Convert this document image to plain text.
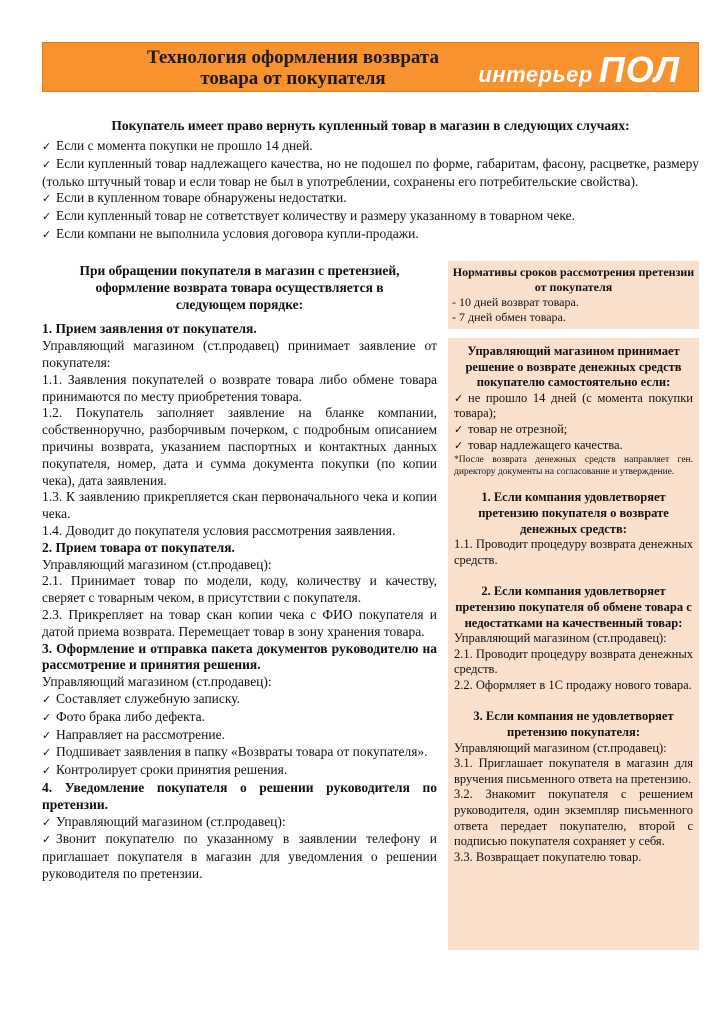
Технология оформления возврата
товара от покупателя	интерьер ПОЛ
Покупатель имеет право вернуть купленный товар в магазин в следующих случаях:
✓ Если с момента покупки не прошло 14 дней.
✓ Если купленный товар надлежащего качества, но не подошел по форме, габаритам, фасону, расцветке, размеру (только штучный товар и если товар не был в употреблении, сохранены его потребительские свойства).
✓ Если в купленном товаре обнаружены недостатки.
✓ Если купленный товар не сответствует количеству и размеру указанному в товарном чеке.
✓ Если компани не выполнила условия договора купли-продажи.
При обращении покупателя в магазин с претензией, оформление возврата товара осуществляется в следующем порядке:

1. Прием заявления от покупателя.

Управляющий магазином (ст.продавец) принимает заявление от покупателя:

1.1. Заявления покупателей о возврате товара либо обмене товара принимаются по месту приобретения товара.

1.2. Покупатель заполняет заявление на бланке компании, собственноручно, разборчивым почерком, с подробным описанием причины возврата, указанием паспортных и контактных данных покупателя, номер, дата и сумма документа покупки (по копии чека), дата заявления.

1.3. К заявлению прикрепляется скан первоначального чека и копии чека.

1.4. Доводит до покупателя условия рассмотрения заявления.

2. Прием товара от покупателя.

Управляющий магазином (ст.продавец):

2.1. Принимает товар по модели, коду, количеству и качеству, сверяет с товарным чеком, в присутствии с покупателя.

2.3. Прикрепляет на товар скан копии чека с ФИО покупателя и датой приема возврата. Перемещает товар в зону хранения товара.

3. Оформление и отправка пакета документов руководителю на рассмотрение и принятия решения.

Управляющий магазином (ст.продавец):

✓ Составляет служебную записку.

✓ Фото брака либо дефекта.

✓ Направляет на рассмотрение.

✓ Подшивает заявления в папку «Возвраты товара от покупателя».

✓ Контролирует сроки принятия решения.

4. Уведомление покупателя о решении руководителя по претензии.

✓ Управляющий магазином (ст.продавец):

✓ Звонит покупателю по указанному в заявлении телефону и приглашает покупателя в магазин для уведомления о решении руководителя по претензии.

Нормативы сроков рассмотрения претензии от покупателя

- 10 дней возврат товара.

- 7 дней обмен товара.

Управляющий магазином принимает решение о возврате денежных средств покупателю самостоятельно если:

✓ не прошло 14 дней (с момента покупки товара);

✓ товар не отрезной;

✓ товар надлежащего качества.

*После возврата денежных средств направляет ген. директору документы на согласование и утверждение.

1. Если компания удовлетворяет претензию покупателя о возврате денежных средств:

1.1. Проводит процедуру возврата денежных средств.

2. Если компания удовлетворяет претензию покупателя об обмене товара с недостатками на качественный товар:

Управляющий магазином (ст.продавец):

2.1. Проводит процедуру возврата денежных средств.

2.2. Оформляет в 1С продажу нового товара.

3. Если компания не удовлетворяет претензию покупателя:

Управляющий магазином (ст.продавец):

3.1. Приглашает покупателя в магазин для вручения письменного ответа на претензию.

3.2. Знакомит покупателя с решением руководителя, один экземпляр письменного ответа передает покупателю, второй с подписью покупателя сохраняет у себя.

3.3. Возвращает покупателю товар.
